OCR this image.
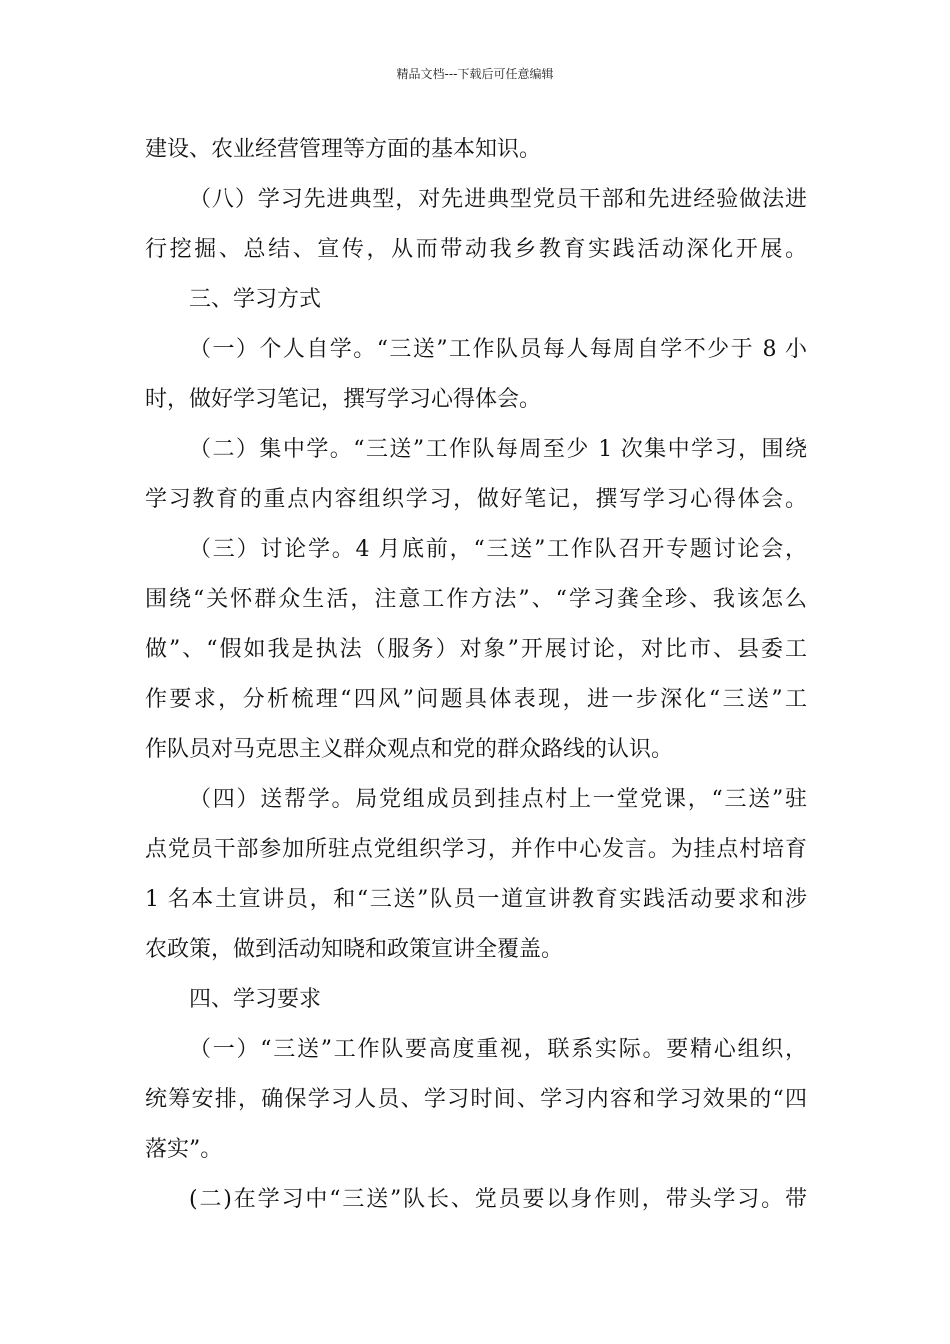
精品文档---下载后可任意编辑
建设、农业经营管理等方面的基本知识。
（八）学习先进典型，对先进典型党员干部和先进经验做法进
行挖掘、总结、宣传，从而带动我乡教育实践活动深化开展。
三、学习方式
（一）个人自学。“三送”工作队员每人每周自学不少于 8 小
时，做好学习笔记，撰写学习心得体会。
（二）集中学。“三送”工作队每周至少 1 次集中学习，围绕
学习教育的重点内容组织学习，做好笔记，撰写学习心得体会。
（三）讨论学。4 月底前，“三送”工作队召开专题讨论会，
围绕“关怀群众生活，注意工作方法”、“学习龚全珍、我该怎么
做”、“假如我是执法（服务）对象”开展讨论，对比市、县委工
作要求，分析梳理“四风”问题具体表现，进一步深化“三送”工
作队员对马克思主义群众观点和党的群众路线的认识。
（四）送帮学。局党组成员到挂点村上一堂党课，“三送”驻
点党员干部参加所驻点党组织学习，并作中心发言。为挂点村培育
1 名本土宣讲员，和“三送”队员一道宣讲教育实践活动要求和涉
农政策，做到活动知晓和政策宣讲全覆盖。
四、学习要求
（一）“三送”工作队要高度重视，联系实际。要精心组织，
统筹安排，确保学习人员、学习时间、学习内容和学习效果的“四
落实”。
(二)在学习中“三送”队长、党员要以身作则，带头学习。带
